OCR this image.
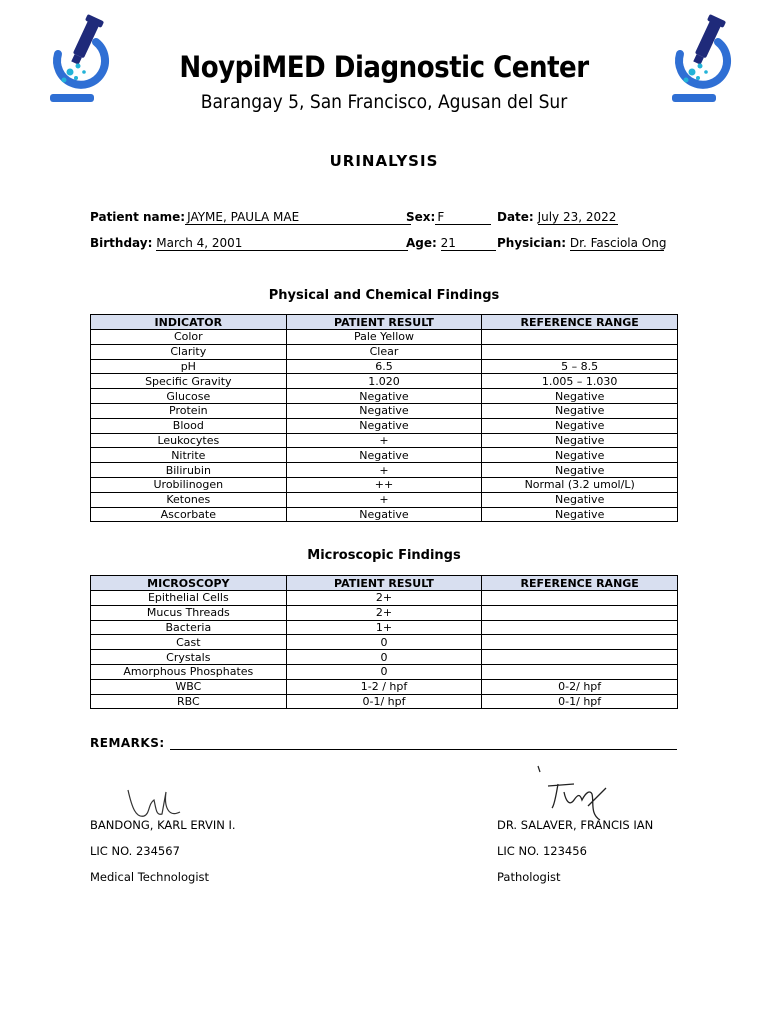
NoypiMED Diagnostic Center
Barangay 5, San Francisco, Agusan del Sur
URINALYSIS
Patient name: JAYME, PAULA MAE	Sex: F	Date: July 23, 2022
Birthday: March 4, 2001	Age: 21	Physician: Dr. Fasciola Ong
Physical and Chemical Findings
INDICATOR	PATIENT RESULT	REFERENCE RANGE
Color	Pale Yellow	
Clarity	Clear	
pH	6.5	5 – 8.5
Specific Gravity	1.020	1.005 – 1.030
Glucose	Negative	Negative
Protein	Negative	Negative
Blood	Negative	Negative
Leukocytes	+	Negative
Nitrite	Negative	Negative
Bilirubin	+	Negative
Urobilinogen	++	Normal (3.2 umol/L)
Ketones	+	Negative
Ascorbate	Negative	Negative
Microscopic Findings
MICROSCOPY	PATIENT RESULT	REFERENCE RANGE
Epithelial Cells	2+	
Mucus Threads	2+	
Bacteria	1+	
Cast	0	
Crystals	0	
Amorphous Phosphates	0	
WBC	1-2 / hpf	0-2/ hpf
RBC	0-1/ hpf	0-1/ hpf
REMARKS:
BANDONG, KARL ERVIN I.
LIC NO. 234567
Medical Technologist
DR. SALAVER, FRANCIS IAN
LIC NO. 123456
Pathologist
